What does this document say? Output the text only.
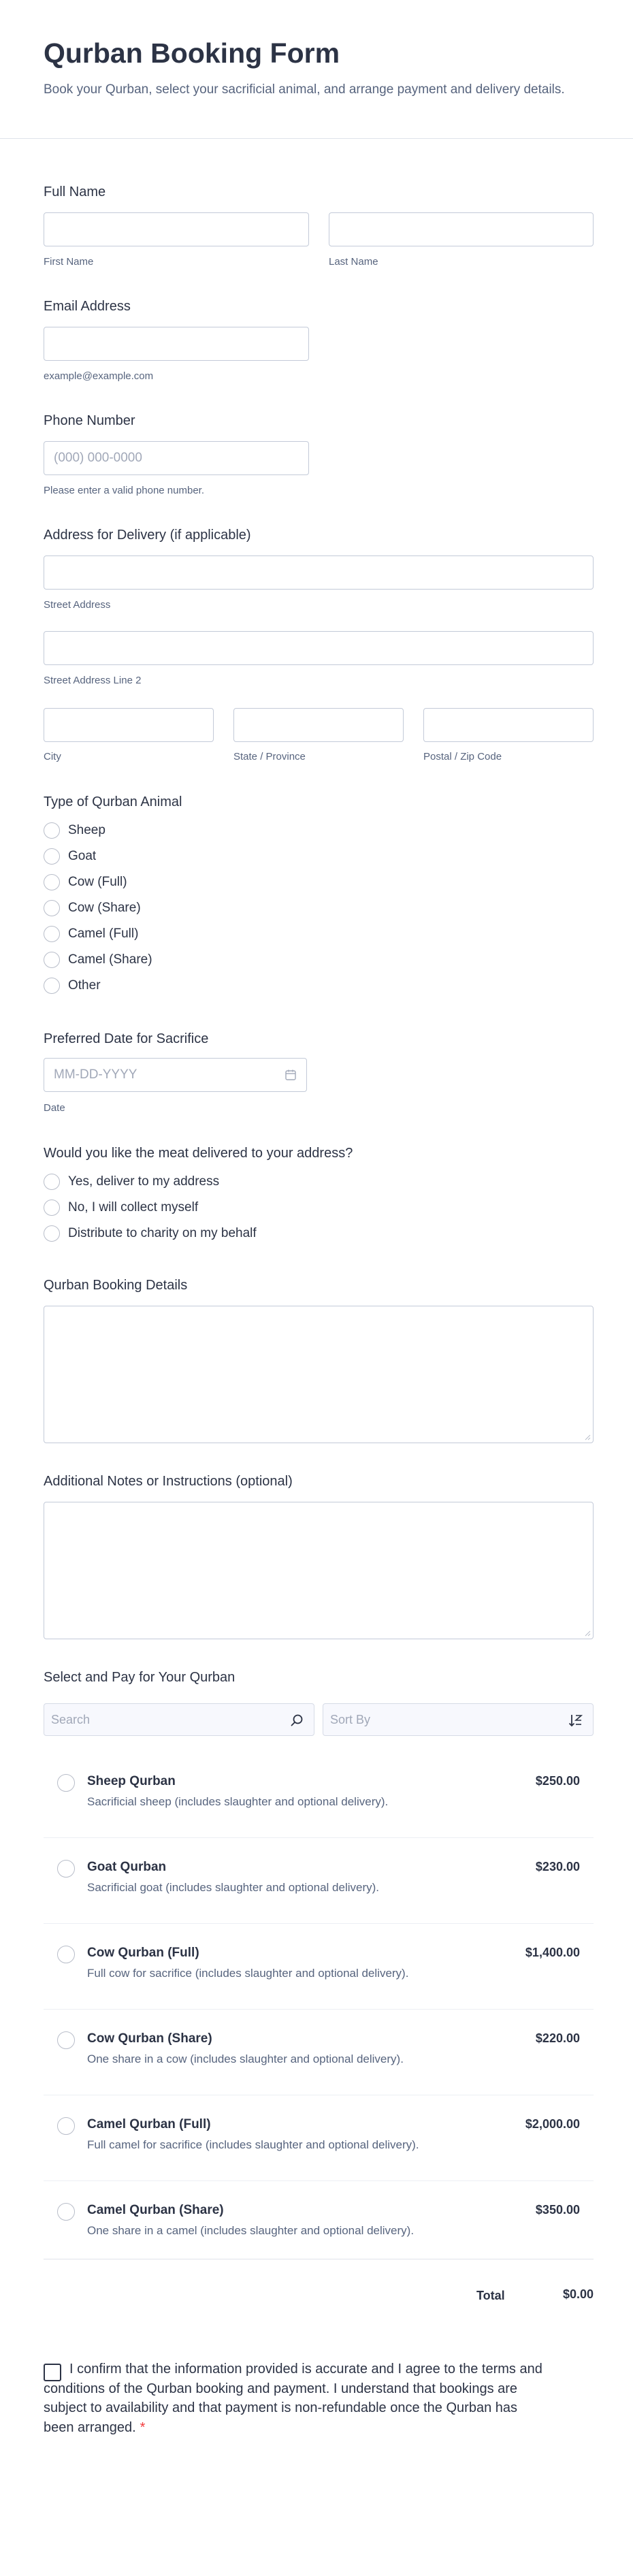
Qurban Booking Form

Book your Qurban, select your sacrificial animal, and arrange payment and delivery details.

Full Name
First Name	Last Name
Email Address
example@example.com
Phone Number
(000) 000-0000
Please enter a valid phone number.
Address for Delivery (if applicable)
Street Address
Street Address Line 2
City	State / Province	Postal / Zip Code
Type of Qurban Animal
Sheep
Goat
Cow (Full)
Cow (Share)
Camel (Full)
Camel (Share)
Other
Preferred Date for Sacrifice
MM-DD-YYYY
Date
Would you like the meat delivered to your address?
Yes, deliver to my address
No, I will collect myself
Distribute to charity on my behalf
Qurban Booking Details
Additional Notes or Instructions (optional)
Select and Pay for Your Qurban
Search	Sort By
Sheep Qurban
Sacrificial sheep (includes slaughter and optional delivery).
$250.00
Goat Qurban
Sacrificial goat (includes slaughter and optional delivery).
$230.00
Cow Qurban (Full)
Full cow for sacrifice (includes slaughter and optional delivery).
$1,400.00
Cow Qurban (Share)
One share in a cow (includes slaughter and optional delivery).
$220.00
Camel Qurban (Full)
Full camel for sacrifice (includes slaughter and optional delivery).
$2,000.00
Camel Qurban (Share)
One share in a camel (includes slaughter and optional delivery).
$350.00
Total	$0.00

I confirm that the information provided is accurate and I agree to the terms and conditions of the Qurban booking and payment. I understand that bookings are subject to availability and that payment is non-refundable once the Qurban has been arranged. *
